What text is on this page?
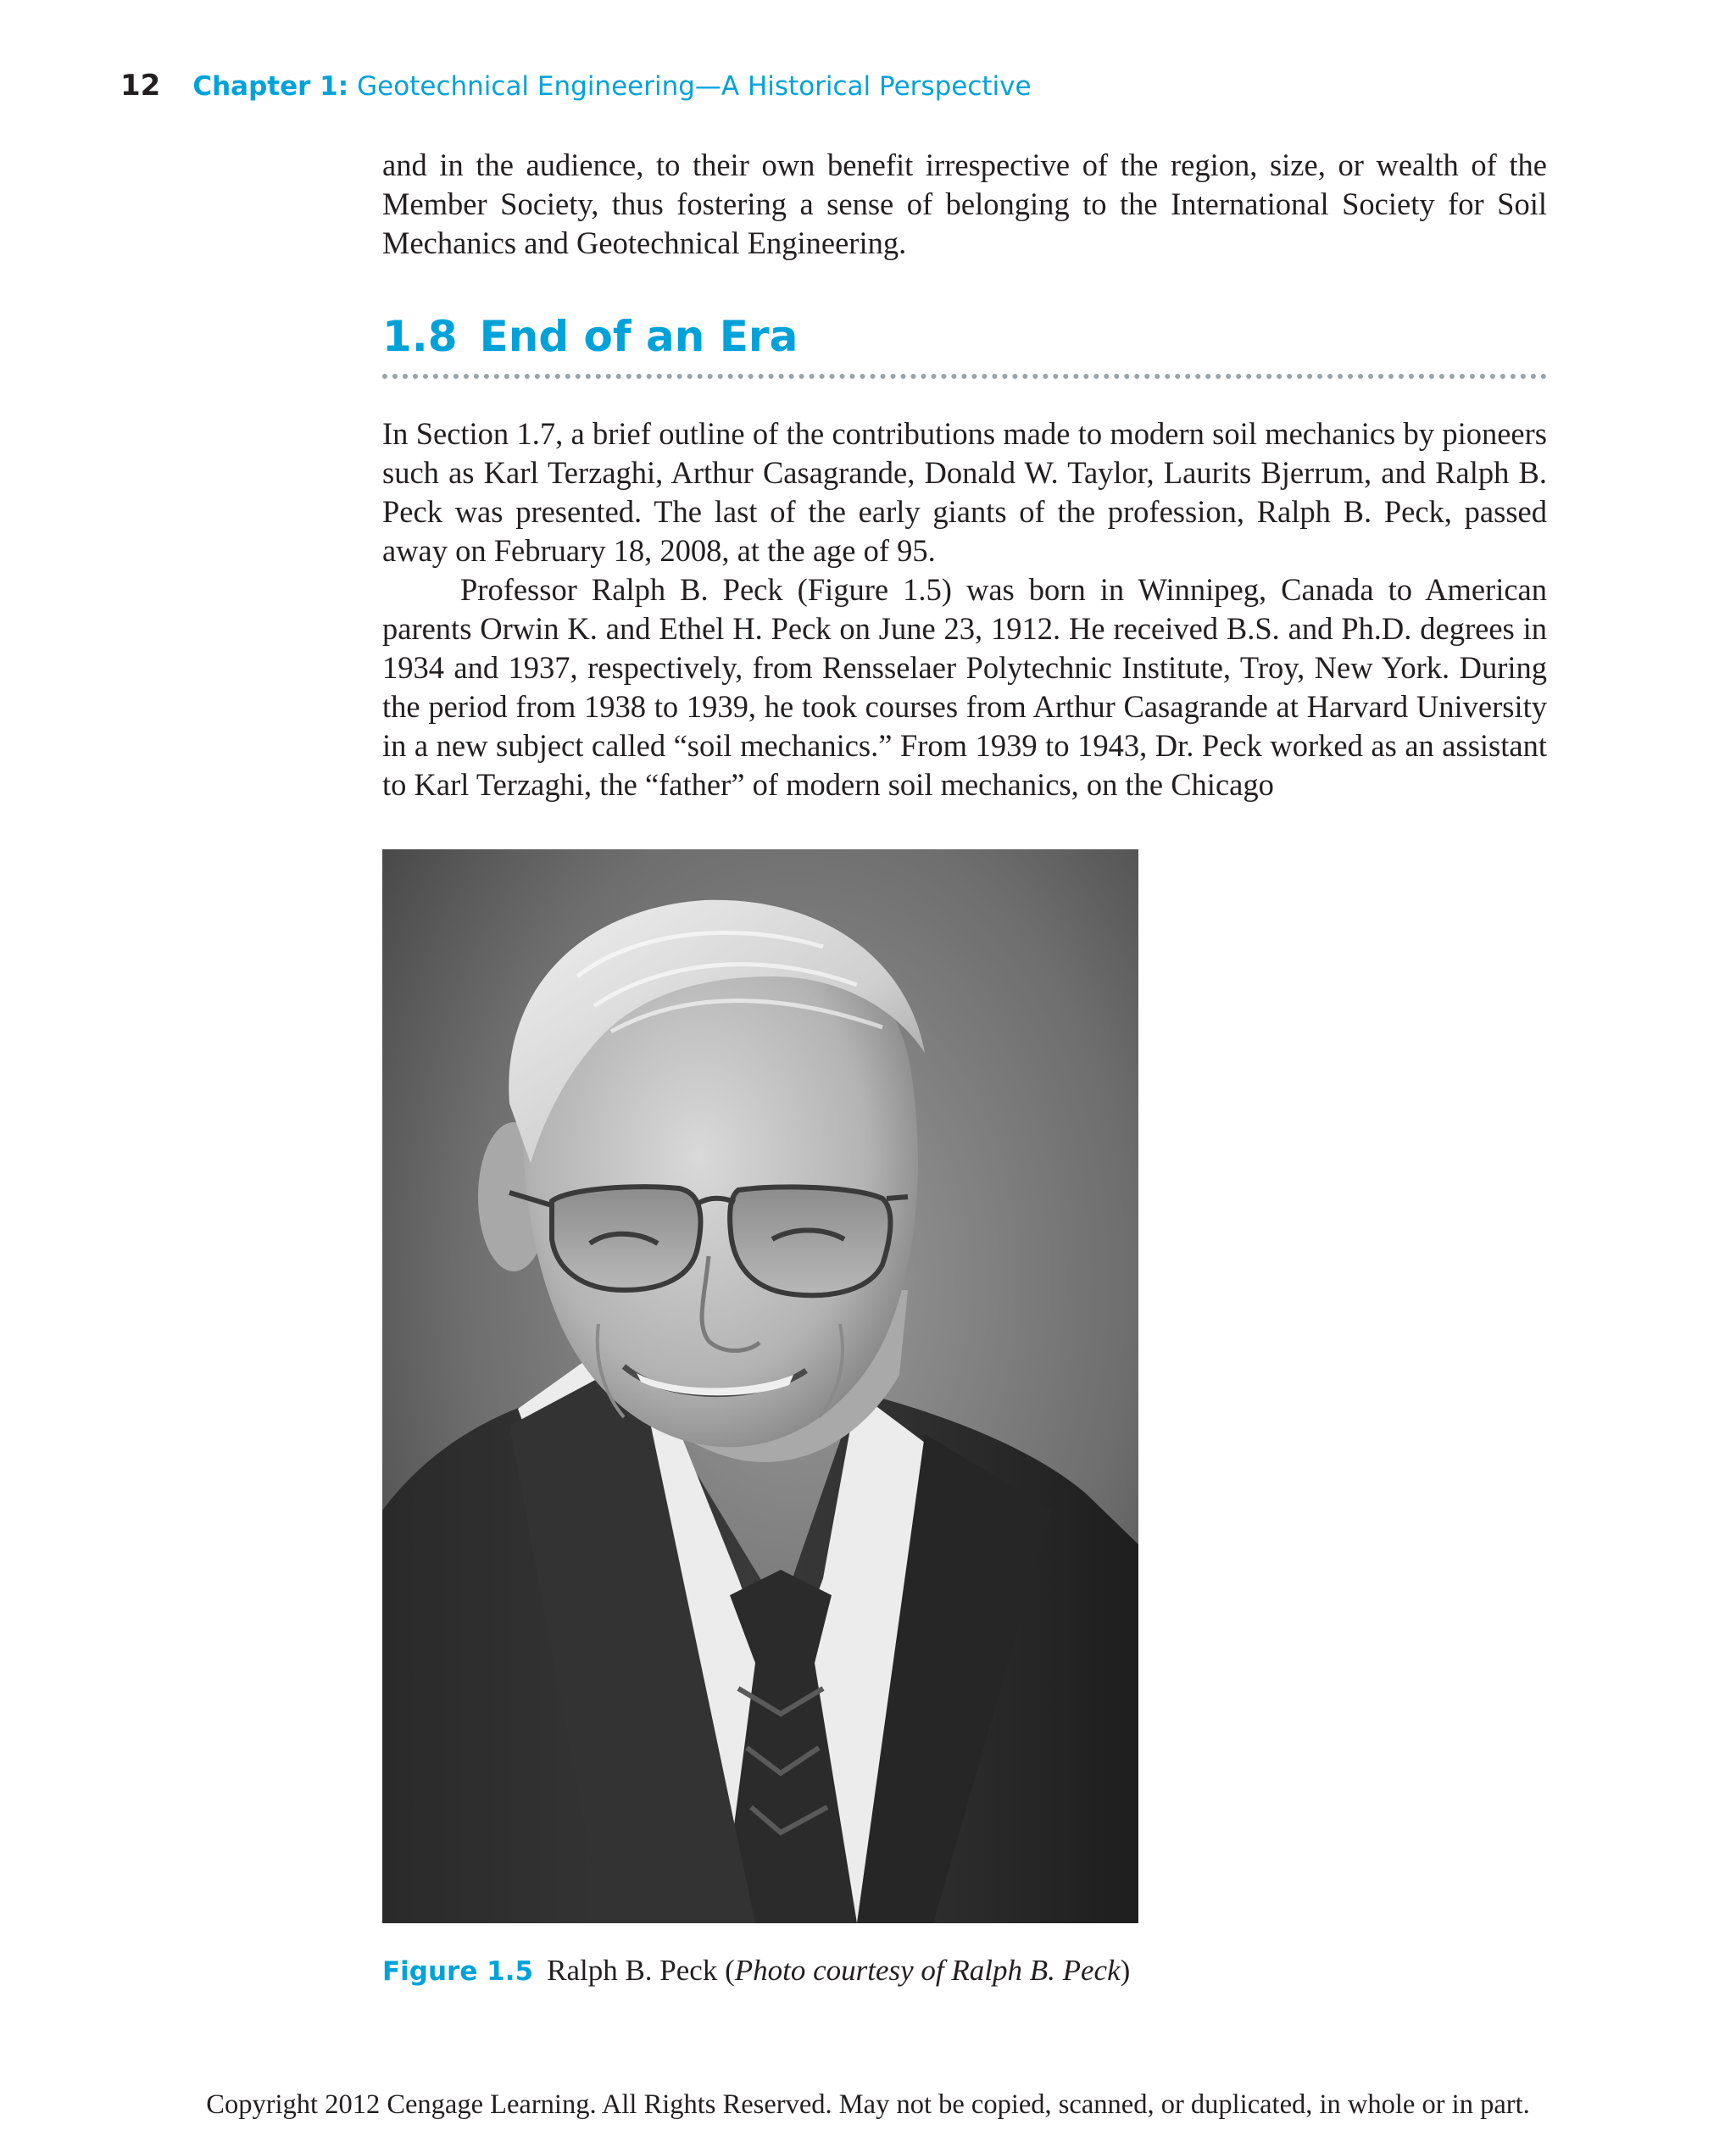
12 Chapter 1: Geotechnical Engineering—A Historical Perspective

and in the audience, to their own benefit irrespective of the region, size, or wealth of the Member Society, thus fostering a sense of belonging to the International Society for Soil Mechanics and Geotechnical Engineering.

1.8 End of an Era

In Section 1.7, a brief outline of the contributions made to modern soil mechanics by pioneers such as Karl Terzaghi, Arthur Casagrande, Donald W. Taylor, Laurits Bjerrum, and Ralph B. Peck was presented. The last of the early giants of the profession, Ralph B. Peck, passed away on February 18, 2008, at the age of 95.

Professor Ralph B. Peck (Figure 1.5) was born in Winnipeg, Canada to American parents Orwin K. and Ethel H. Peck on June 23, 1912. He received B.S. and Ph.D. degrees in 1934 and 1937, respectively, from Rensselaer Polytechnic Institute, Troy, New York. During the period from 1938 to 1939, he took courses from Arthur Casagrande at Harvard University in a new subject called “soil mechanics.” From 1939 to 1943, Dr. Peck worked as an assistant to Karl Terzaghi, the “father” of modern soil mechanics, on the Chicago

Figure 1.5 Ralph B. Peck (Photo courtesy of Ralph B. Peck)
Copyright 2012 Cengage Learning. All Rights Reserved. May not be copied, scanned, or duplicated, in whole or in part.
